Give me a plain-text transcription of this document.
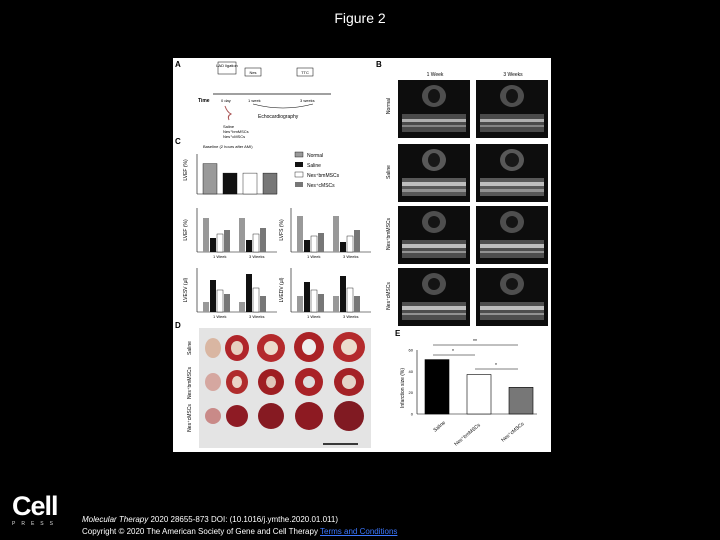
Figure 2
A	B
C
D
E
LAD ligation
Nes	TTC
Time	0 day	1 week	3 weeks
Saline
Nes⁺bmMSCs
Nes⁺cMSCs
Echocardiography
1 Week	3 Weeks
Normal
Saline
Nes⁺bmMSCs
Nes⁺cMSCs
Baseline (2 hours after AMI)
LVEF (%)
Normal
Saline
Nes⁺bmMSCs
Nes⁺cMSCs
LVEF (%)
1 Week	3 Weeks
LVFS (%)
1 Week	3 Weeks
LVESV (µl)
1 Week	3 Weeks
LVEDV (µl)
1 Week	3 Weeks
Saline
Nes⁺bmMSCs
Nes⁺cMSCs
Infarction size (%)
0
20
40
60
**
*
*
Saline Nes⁺bmMSCs	Nes⁺cMSCs
Cell
PRESS	Molecular Therapy 2020 28655-873 DOI: (10.1016/j.ymthe.2020.01.011)
Copyright © 2020 The American Society of Gene and Cell Therapy Terms and Conditions
